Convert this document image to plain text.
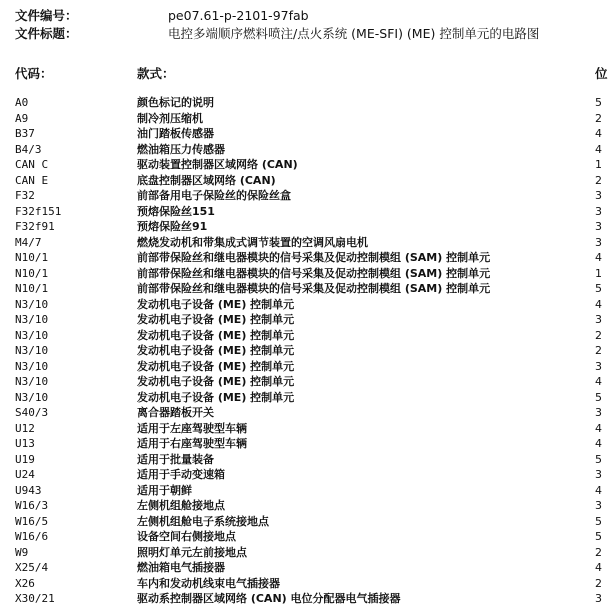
文件编号：	pe07.61-p-2101-97fab
文件标题：	电控多端顺序燃料喷注/点火系统 (ME-SFI) (ME) 控制单元的电路图
代码：	款式：	位
A0	颜色标记的说明	5
A9	制冷剂压缩机	2
B37	油门踏板传感器	4
B4/3	燃油箱压力传感器	4
CAN C	驱动装置控制器区域网络 (CAN)	1
CAN E	底盘控制器区域网络 (CAN)	2
F32	前部备用电子保险丝的保险丝盒	3
F32f151	预熔保险丝151	3
F32f91	预熔保险丝91	3
M4/7	燃烧发动机和带集成式调节装置的空调风扇电机	3
N10/1	前部带保险丝和继电器模块的信号采集及促动控制模组 (SAM) 控制单元	4
N10/1	前部带保险丝和继电器模块的信号采集及促动控制模组 (SAM) 控制单元	1
N10/1	前部带保险丝和继电器模块的信号采集及促动控制模组 (SAM) 控制单元	5
N3/10	发动机电子设备 (ME) 控制单元	4
N3/10	发动机电子设备 (ME) 控制单元	3
N3/10	发动机电子设备 (ME) 控制单元	2
N3/10	发动机电子设备 (ME) 控制单元	2
N3/10	发动机电子设备 (ME) 控制单元	3
N3/10	发动机电子设备 (ME) 控制单元	4
N3/10	发动机电子设备 (ME) 控制单元	5
S40/3	离合器踏板开关	3
U12	适用于左座驾驶型车辆	4
U13	适用于右座驾驶型车辆	4
U19	适用于批量装备	5
U24	适用于手动变速箱	3
U943	适用于朝鲜	4
W16/3	左侧机组舱接地点	3
W16/5	左侧机组舱电子系统接地点	5
W16/6	设备空间右侧接地点	5
W9	照明灯单元左前接地点	2
X25/4	燃油箱电气插接器	4
X26	车内和发动机线束电气插接器	2
X30/21	驱动系控制器区域网络 (CAN) 电位分配器电气插接器	3
